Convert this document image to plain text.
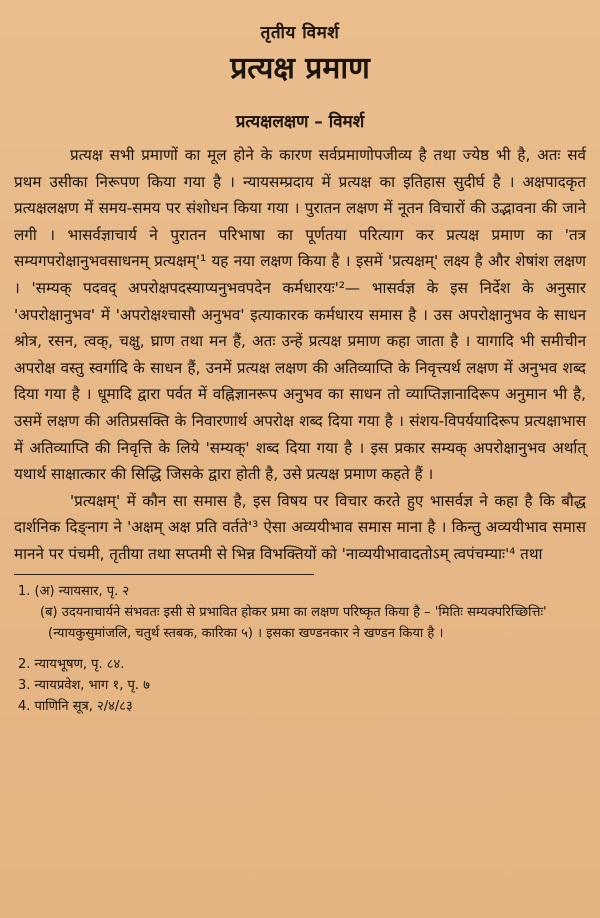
तृतीय विमर्श
प्रत्यक्ष प्रमाण
प्रत्यक्षलक्षण – विमर्श

प्रत्यक्ष सभी प्रमाणों का मूल होने के कारण सर्वप्रमाणोपजीव्य है तथा ज्येष्ठ भी है, अतः सर्व प्रथम उसीका निरूपण किया गया है । न्यायसम्प्रदाय में प्रत्यक्ष का इतिहास सुदीर्घ है । अक्षपादकृत प्रत्यक्षलक्षण में समय-समय पर संशोधन किया गया । पुरातन लक्षण में नूतन विचारों की उद्भावना की जाने लगी । भासर्वज्ञाचार्य ने पुरातन परिभाषा का पूर्णतया परित्याग कर प्रत्यक्ष प्रमाण का 'तत्र सम्यगपरोक्षानुभवसाधनम् प्रत्यक्षम्'¹ यह नया लक्षण किया है । इसमें 'प्रत्यक्षम्' लक्ष्य है और शेषांश लक्षण । 'सम्यक् पदवद् अपरोक्षपदस्याप्यनुभवपदेन कर्मधारयः'²— भासर्वज्ञ के इस निर्देश के अनुसार 'अपरोक्षानुभव' में 'अपरोक्षश्चासौ अनुभव' इत्याकारक कर्मधारय समास है । उस अपरोक्षानुभव के साधन श्रोत्र, रसन, त्वक्, चक्षु, घ्राण तथा मन हैं, अतः उन्हें प्रत्यक्ष प्रमाण कहा जाता है । यागादि भी समीचीन अपरोक्ष वस्तु स्वर्गादि के साधन हैं, उनमें प्रत्यक्ष लक्षण की अतिव्याप्ति के निवृत्त्यर्थ लक्षण में अनुभव शब्द दिया गया है । धूमादि द्वारा पर्वत में वह्निज्ञानरूप अनुभव का साधन तो व्याप्तिज्ञानादिरूप अनुमान भी है, उसमें लक्षण की अतिप्रसक्ति के निवारणार्थ अपरोक्ष शब्द दिया गया है । संशय-विपर्ययादिरूप प्रत्यक्षाभास में अतिव्याप्ति की निवृत्ति के लिये 'सम्यक्' शब्द दिया गया है । इस प्रकार सम्यक् अपरोक्षानुभव अर्थात् यथार्थ साक्षात्कार की सिद्धि जिसके द्वारा होती है, उसे प्रत्यक्ष प्रमाण कहते हैं ।

'प्रत्यक्षम्' में कौन सा समास है, इस विषय पर विचार करते हुए भासर्वज्ञ ने कहा है कि बौद्ध दार्शनिक दिङ्नाग ने 'अक्षम् अक्ष प्रति वर्तते'³ ऐसा अव्ययीभाव समास माना है । किन्तु अव्ययीभाव समास मानने पर पंचमी, तृतीया तथा सप्तमी से भिन्न विभक्तियों को 'नाव्ययीभावादतोऽम् त्वपंचम्याः'⁴ तथा

1. (अ) न्यायसार, पृ. २

(ब) उदयनाचार्यने संभवतः इसी से प्रभावित होकर प्रमा का लक्षण परिष्कृत किया है – 'मितिः सम्यक्परिच्छित्तिः' (न्यायकुसुमांजलि, चतुर्थ स्तबक, कारिका ५) । इसका खण्डनकार ने खण्डन किया है ।

2. न्यायभूषण, पृ. ८४.

3. न्यायप्रवेश, भाग १, पृ. ७

4. पाणिनि सूत्र, २/४/८३
